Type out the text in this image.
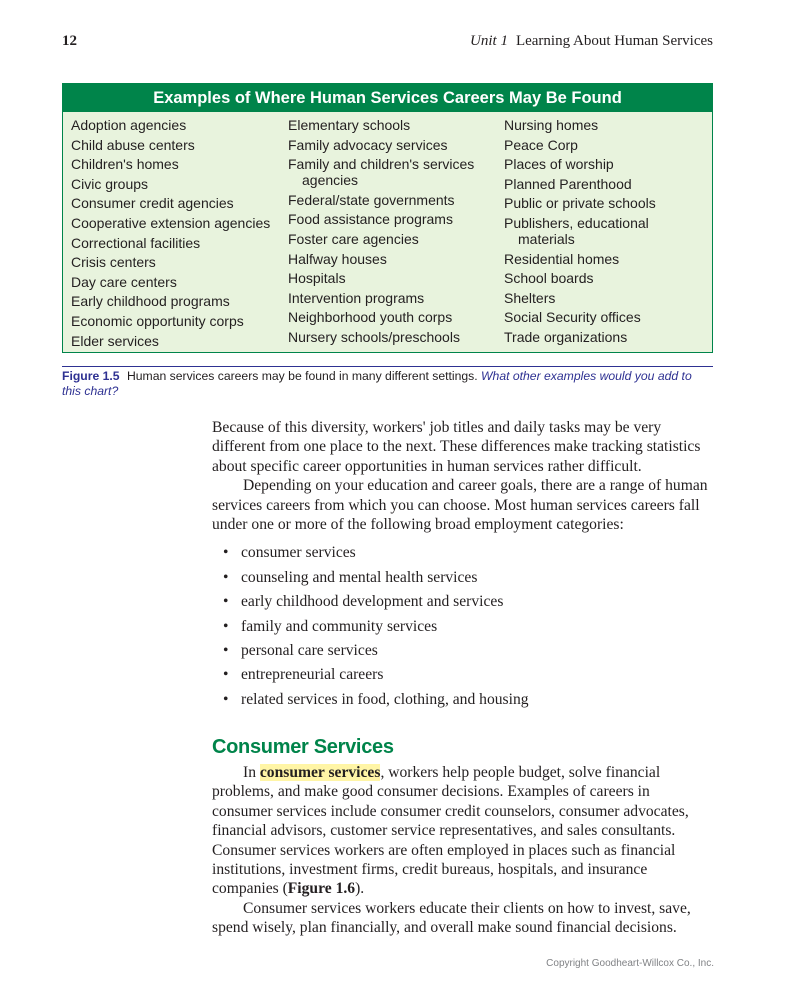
12	Unit 1 Learning About Human Services
Examples of Where Human Services Careers May Be Found
Adoption agencies
Child abuse centers
Children's homes
Civic groups
Consumer credit agencies
Cooperative extension agencies
Correctional facilities
Crisis centers
Day care centers
Early childhood programs
Economic opportunity corps
Elder services
Elementary schools
Family advocacy services
Family and children's services
agencies
Federal/state governments
Food assistance programs
Foster care agencies
Halfway houses
Hospitals
Intervention programs
Neighborhood youth corps
Nursery schools/preschools
Nursing homes
Peace Corp
Places of worship
Planned Parenthood
Public or private schools
Publishers, educational
materials
Residential homes
School boards
Shelters
Social Security offices
Trade organizations
Figure 1.5 Human services careers may be found in many different settings. What other examples would you add to this chart?

Because of this diversity, workers' job titles and daily tasks may be very different from one place to the next. These differences make tracking statistics about specific career opportunities in human services rather difficult.

Depending on your education and career goals, there are a range of human services careers from which you can choose. Most human services careers fall under one or more of the following broad employment categories:

• consumer services
• counseling and mental health services
• early childhood development and services
• family and community services
• personal care services
• entrepreneurial careers
• related services in food, clothing, and housing
Consumer Services

In consumer services, workers help people budget, solve financial problems, and make good consumer decisions. Examples of careers in consumer services include consumer credit counselors, consumer advocates, financial advisors, customer service representatives, and sales consultants. Consumer services workers are often employed in places such as financial institutions, investment firms, credit bureaus, hospitals, and insurance companies (Figure 1.6).

Consumer services workers educate their clients on how to invest, save, spend wisely, plan financially, and overall make sound financial decisions.

Copyright Goodheart-Willcox Co., Inc.
